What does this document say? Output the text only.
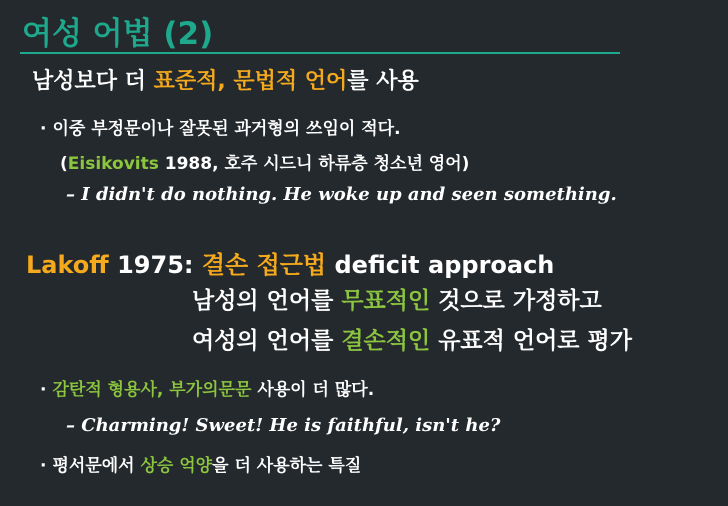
여성 어법 (2)
남성보다 더 표준적, 문법적 언어를 사용
· 이중 부정문이나 잘못된 과거형의 쓰임이 적다.
(Eisikovits 1988, 호주 시드니 하류층 청소년 영어)
– I didn't do nothing. He woke up and seen something.
Lakoff 1975: 결손 접근법 deficit approach
남성의 언어를 무표적인 것으로 가정하고
여성의 언어를 결손적인 유표적 언어로 평가
· 감탄적 형용사, 부가의문문 사용이 더 많다.
– Charming! Sweet! He is faithful, isn't he?
· 평서문에서 상승 억양을 더 사용하는 특질
